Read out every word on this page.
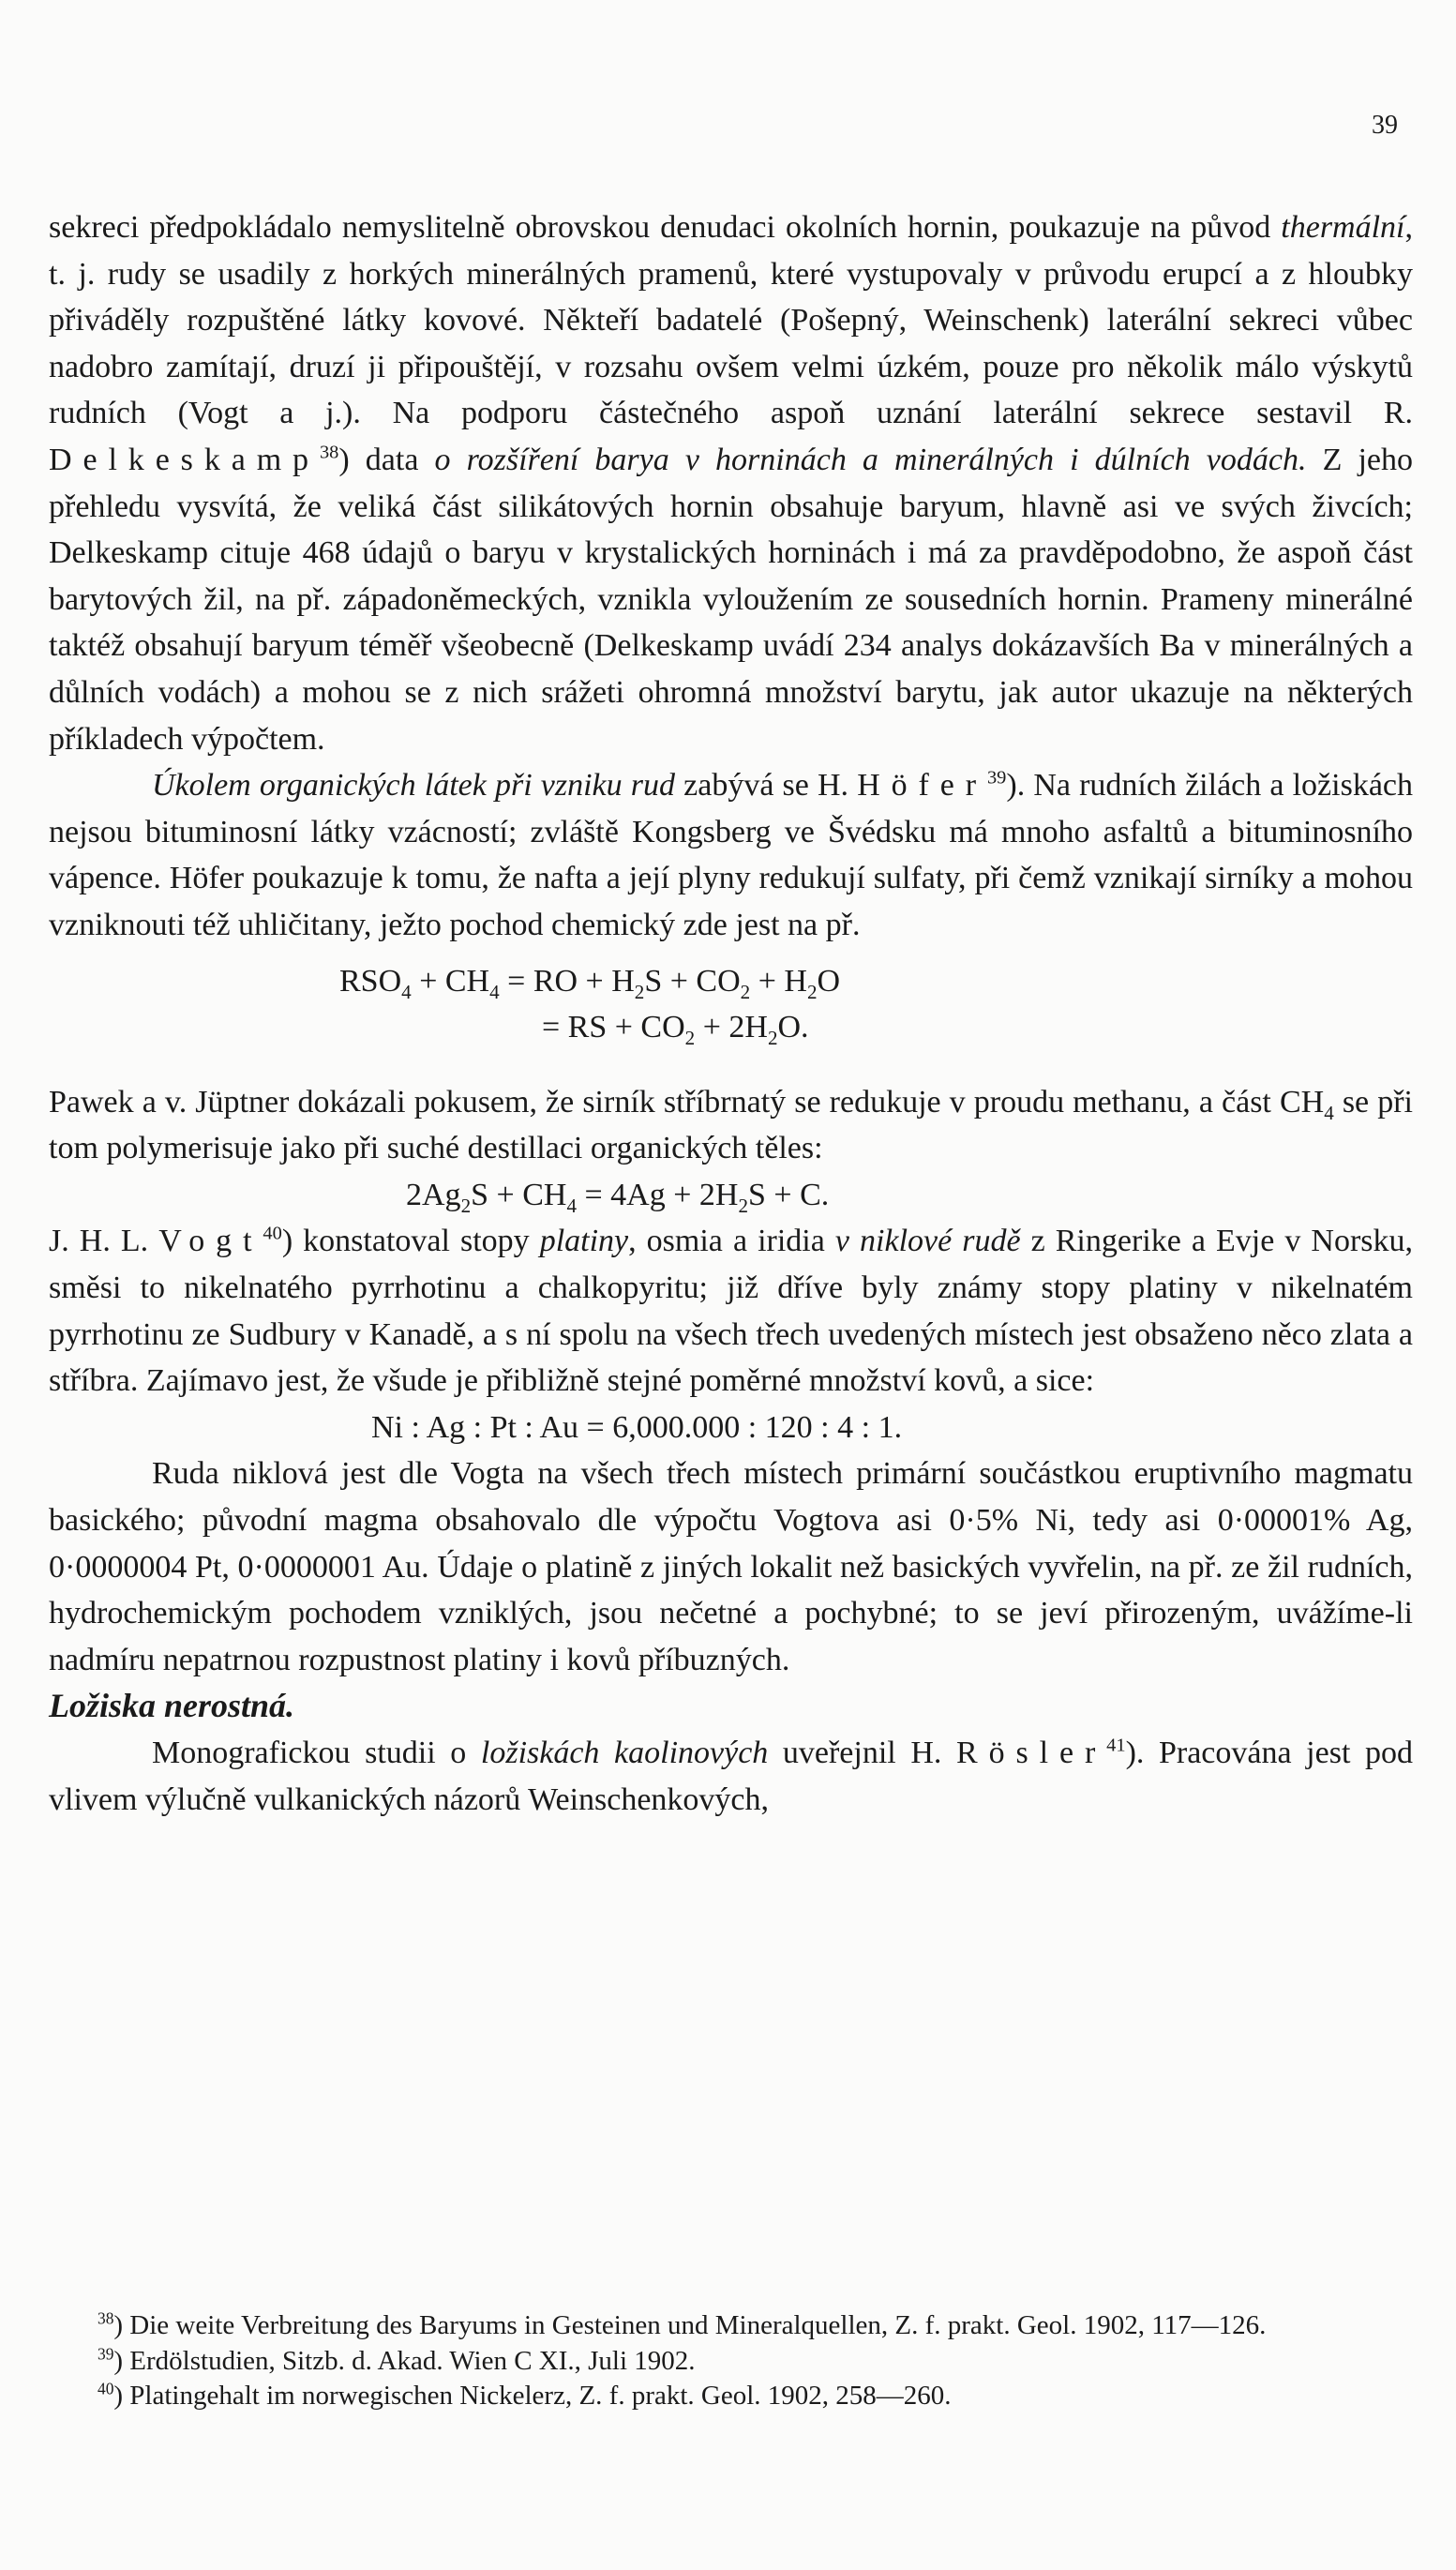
39

sekreci předpokládalo nemyslitelně obrovskou denudaci okolních hornin, poukazuje na původ thermální, t. j. rudy se usadily z horkých minerálných pramenů, které vystupovaly v průvodu erupcí a z hloubky přiváděly rozpuštěné látky kovové. Někteří badatelé (Pošepný, Weinschenk) laterální sekreci vůbec nadobro zamítají, druzí ji připouštějí, v rozsahu ovšem velmi úzkém, pouze pro několik málo výskytů rudních (Vogt a j.). Na podporu částečného aspoň uznání laterální sekrece sestavil R. Delkeskamp$^{38}$) data o rozšíření barya v horninách a minerálných i dúlních vodách. Z jeho přehledu vysvítá, že veliká část silikátových hornin obsahuje baryum, hlavně asi ve svých živcích; Delkeskamp cituje 468 údajů o baryu v krystalických horninách i má za pravděpodobno, že aspoň část barytových žil, na př. západoněmeckých, vznikla vyloužením ze sousedních hornin. Prameny minerálné taktéž obsahují baryum téměř všeobecně (Delkeskamp uvádí 234 analys dokázavších Ba v minerálných a důlních vodách) a mohou se z nich srážeti ohromná množství barytu, jak autor ukazuje na některých příkladech výpočtem.

Úkolem organických látek při vzniku rud zabývá se H. Höfer$^{39}$). Na rudních žilách a ložiskách nejsou bituminosní látky vzácností; zvláště Kongsberg ve Švédsku má mnoho asfaltů a bituminosního vápence. Höfer poukazuje k tomu, že nafta a její plyny redukují sulfaty, při čemž vznikají sirníky a mohou vzniknouti též uhličitany, ježto pochod chemický zde jest na př.

$RSO_4 + CH_4$ = RO + $H_2S + CO_2 + H_2O$

= RS + $CO_2 + 2H_2O$.

Pawek a v. Jüptner dokázali pokusem, že sirník stříbrnatý se redukuje v proudu methanu, a část $CH_4$ se při tom polymerisuje jako při suché destillaci organických těles:

$2Ag_2S + CH_4 = 4Ag + 2H_2S + C$.

J. H. L. Vogt$^{40}$) konstatoval stopy platiny, osmia a iridia v niklové rudě z Ringerike a Evje v Norsku, směsi to nikelnatého pyrrhotinu a chalkopyritu; již dříve byly známy stopy platiny v nikelnatém pyrrhotinu ze Sudbury v Kanadě, a s ní spolu na všech třech uvedených místech jest obsaženo něco zlata a stříbra. Zajímavo jest, že všude je přibližně stejné poměrné množství kovů, a sice:

Ni : Ag : Pt : Au = 6,000.000 : 120 : 4 : 1.

Ruda niklová jest dle Vogta na všech třech místech primární součástkou eruptivního magmatu basického; původní magma obsahovalo dle výpočtu Vogtova asi 0·5% Ni, tedy asi 0·00001% Ag, 0·0000004 Pt, 0·0000001 Au. Údaje o platině z jiných lokalit než basických vyvřelin, na př. ze žil rudních, hydrochemickým pochodem vzniklých, jsou nečetné a pochybné; to se jeví přirozeným, uvážíme-li nadmíru nepatrnou rozpustnost platiny i kovů příbuzných.

Ložiska nerostná.

Monografickou studii o ložiskách kaolinových uveřejnil H. Rösler$^{41}$). Pracována jest pod vlivem výlučně vulkanických názorů Weinschenkových,

$^{38}$) Die weite Verbreitung des Baryums in Gesteinen und Mineralquellen, Z. f. prakt. Geol. 1902, 117—126.

$^{39}$) Erdölstudien, Sitzb. d. Akad. Wien C XI., Juli 1902.

$^{40}$) Platingehalt im norwegischen Nickelerz, Z. f. prakt. Geol. 1902, 258—260.
